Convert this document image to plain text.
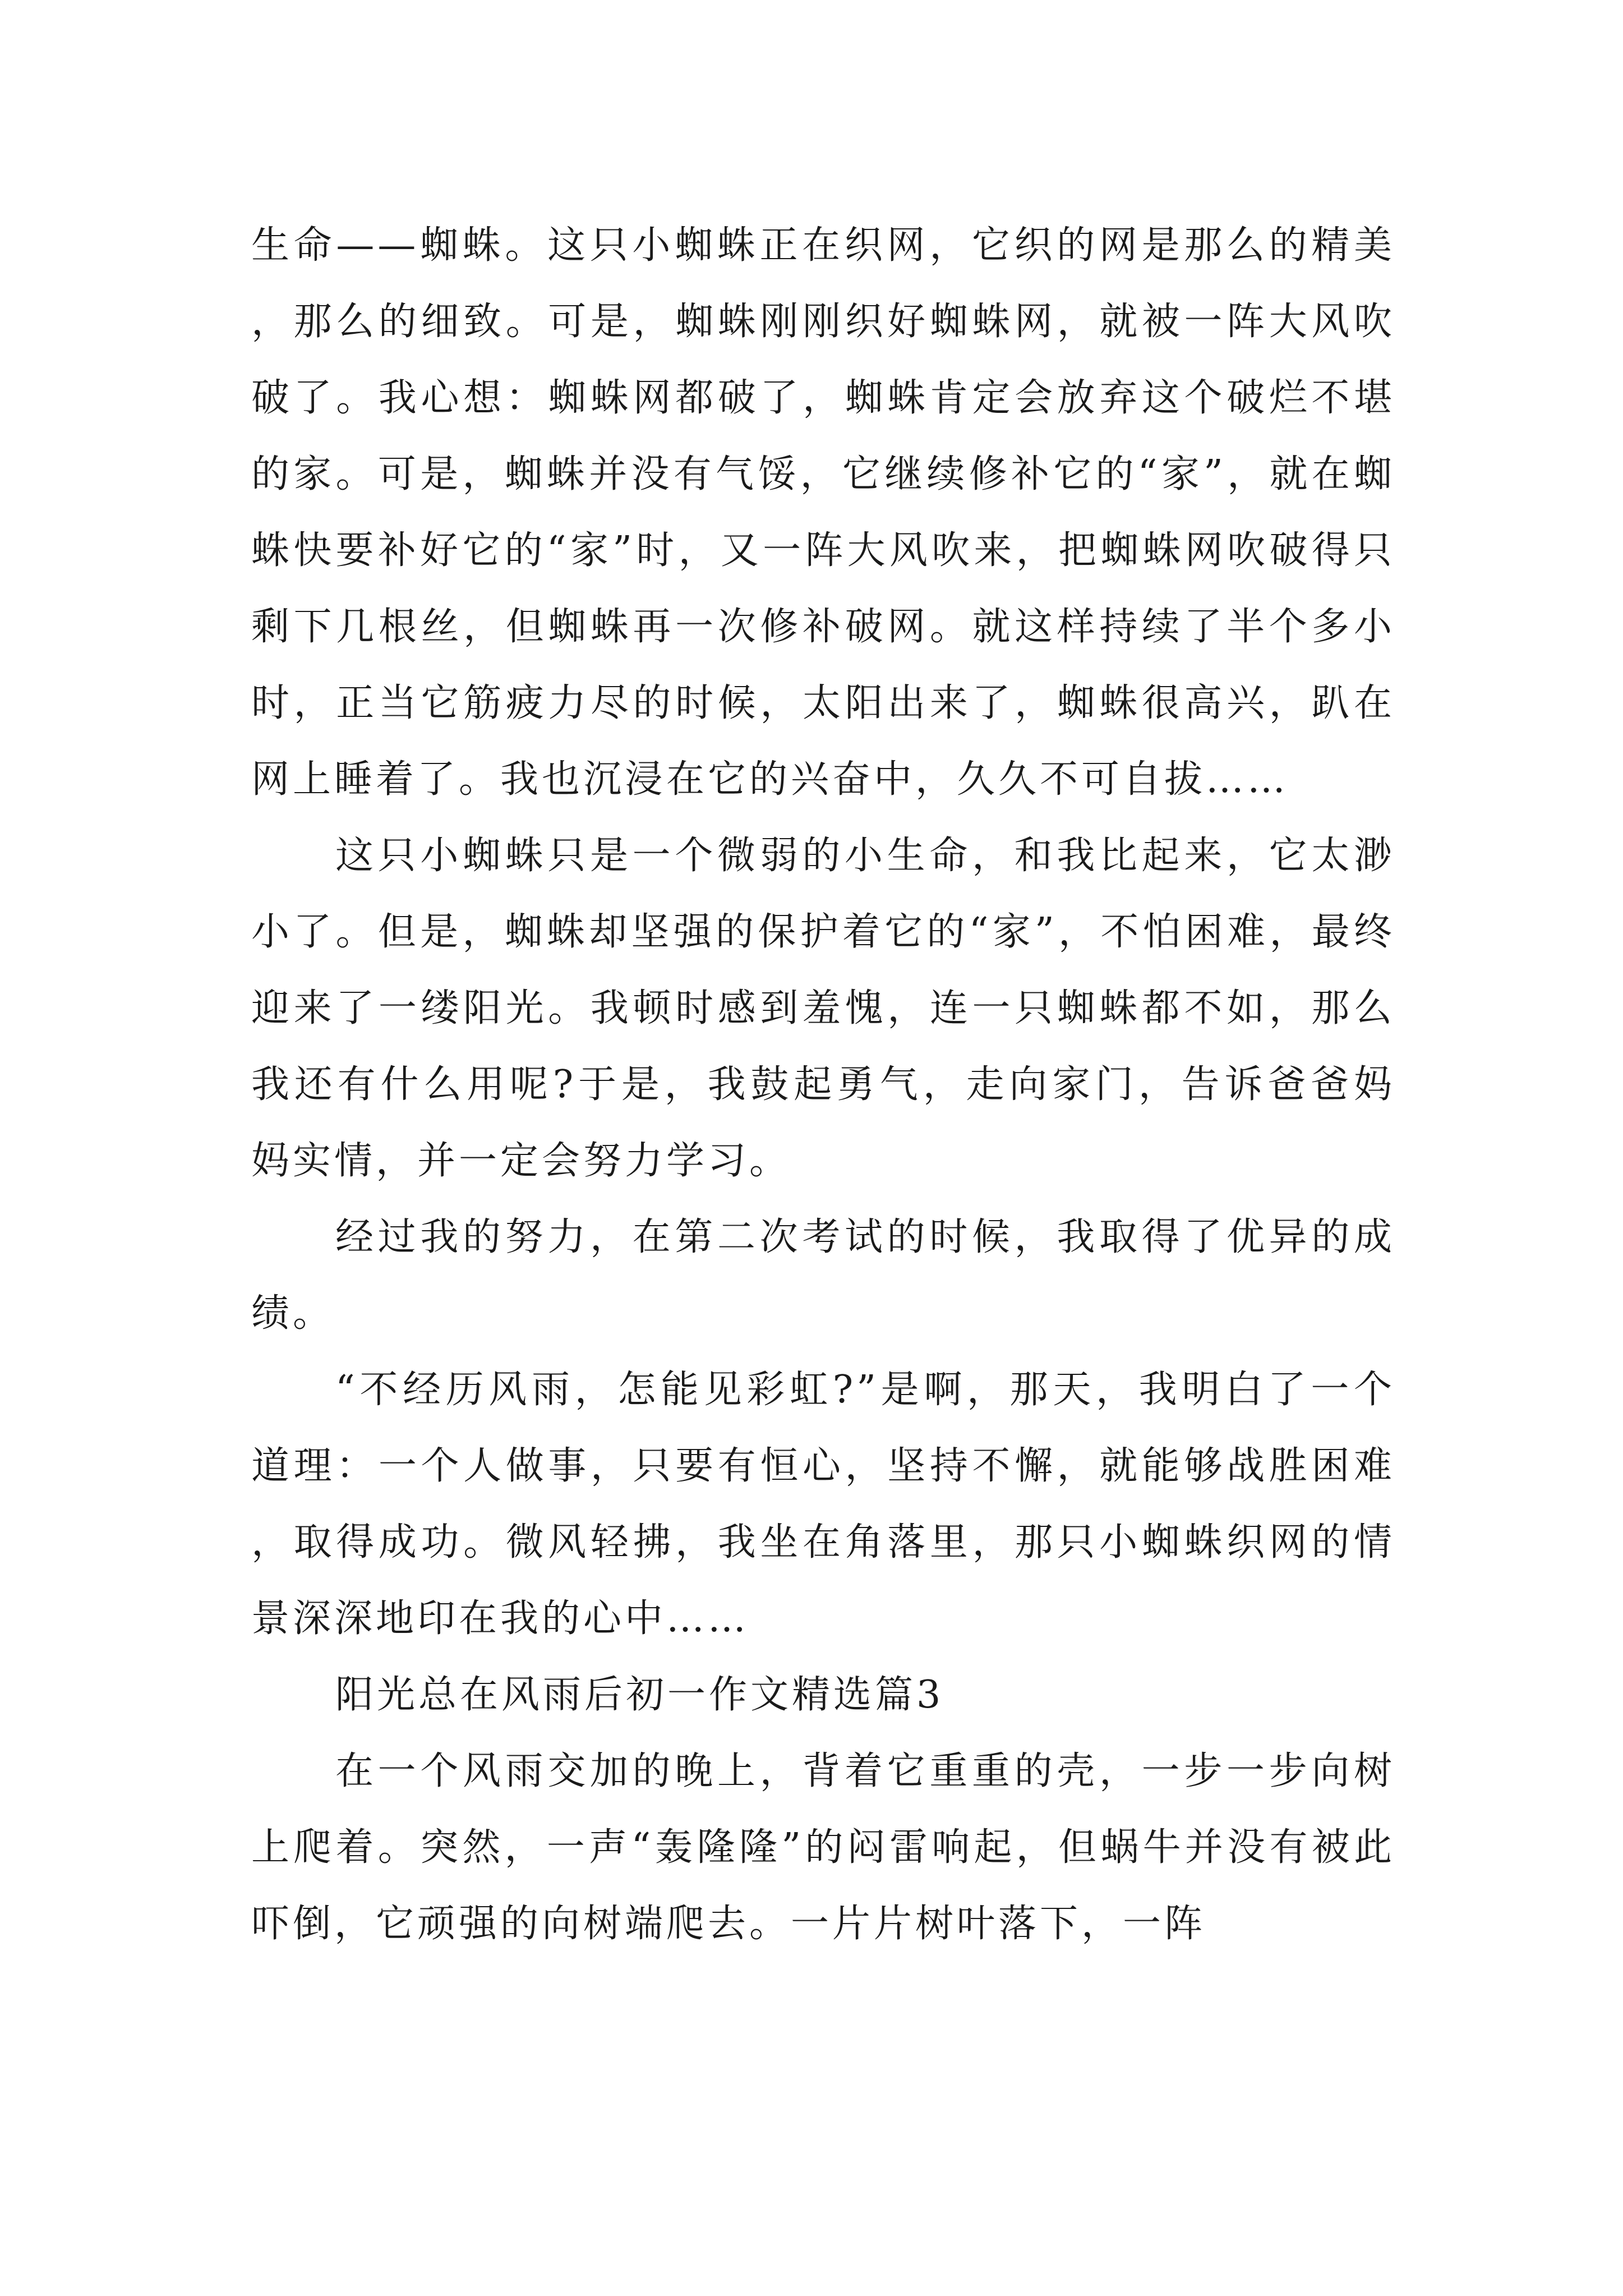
生命——蜘蛛。这只小蜘蛛正在织网，它织的网是那么的精美，那么的细致。可是，蜘蛛刚刚织好蜘蛛网，就被一阵大风吹破了。我心想：蜘蛛网都破了，蜘蛛肯定会放弃这个破烂不堪的家。可是，蜘蛛并没有气馁，它继续修补它的“家”，就在蜘蛛快要补好它的“家”时，又一阵大风吹来，把蜘蛛网吹破得只剩下几根丝，但蜘蛛再一次修补破网。就这样持续了半个多小时，正当它筋疲力尽的时候，太阳出来了，蜘蛛很高兴，趴在网上睡着了。我也沉浸在它的兴奋中，久久不可自拔……

这只小蜘蛛只是一个微弱的小生命，和我比起来，它太渺小了。但是，蜘蛛却坚强的保护着它的“家”，不怕困难，最终迎来了一缕阳光。我顿时感到羞愧，连一只蜘蛛都不如，那么我还有什么用呢?于是，我鼓起勇气，走向家门，告诉爸爸妈妈实情，并一定会努力学习。

经过我的努力，在第二次考试的时候，我取得了优异的成绩。

“不经历风雨，怎能见彩虹?”是啊，那天，我明白了一个道理：一个人做事，只要有恒心，坚持不懈，就能够战胜困难，取得成功。微风轻拂，我坐在角落里，那只小蜘蛛织网的情景深深地印在我的心中……

阳光总在风雨后初一作文精选篇3

在一个风雨交加的晚上，背着它重重的壳，一步一步向树上爬着。突然，一声“轰隆隆”的闷雷响起，但蜗牛并没有被此吓倒，它顽强的向树端爬去。一片片树叶落下，一阵
